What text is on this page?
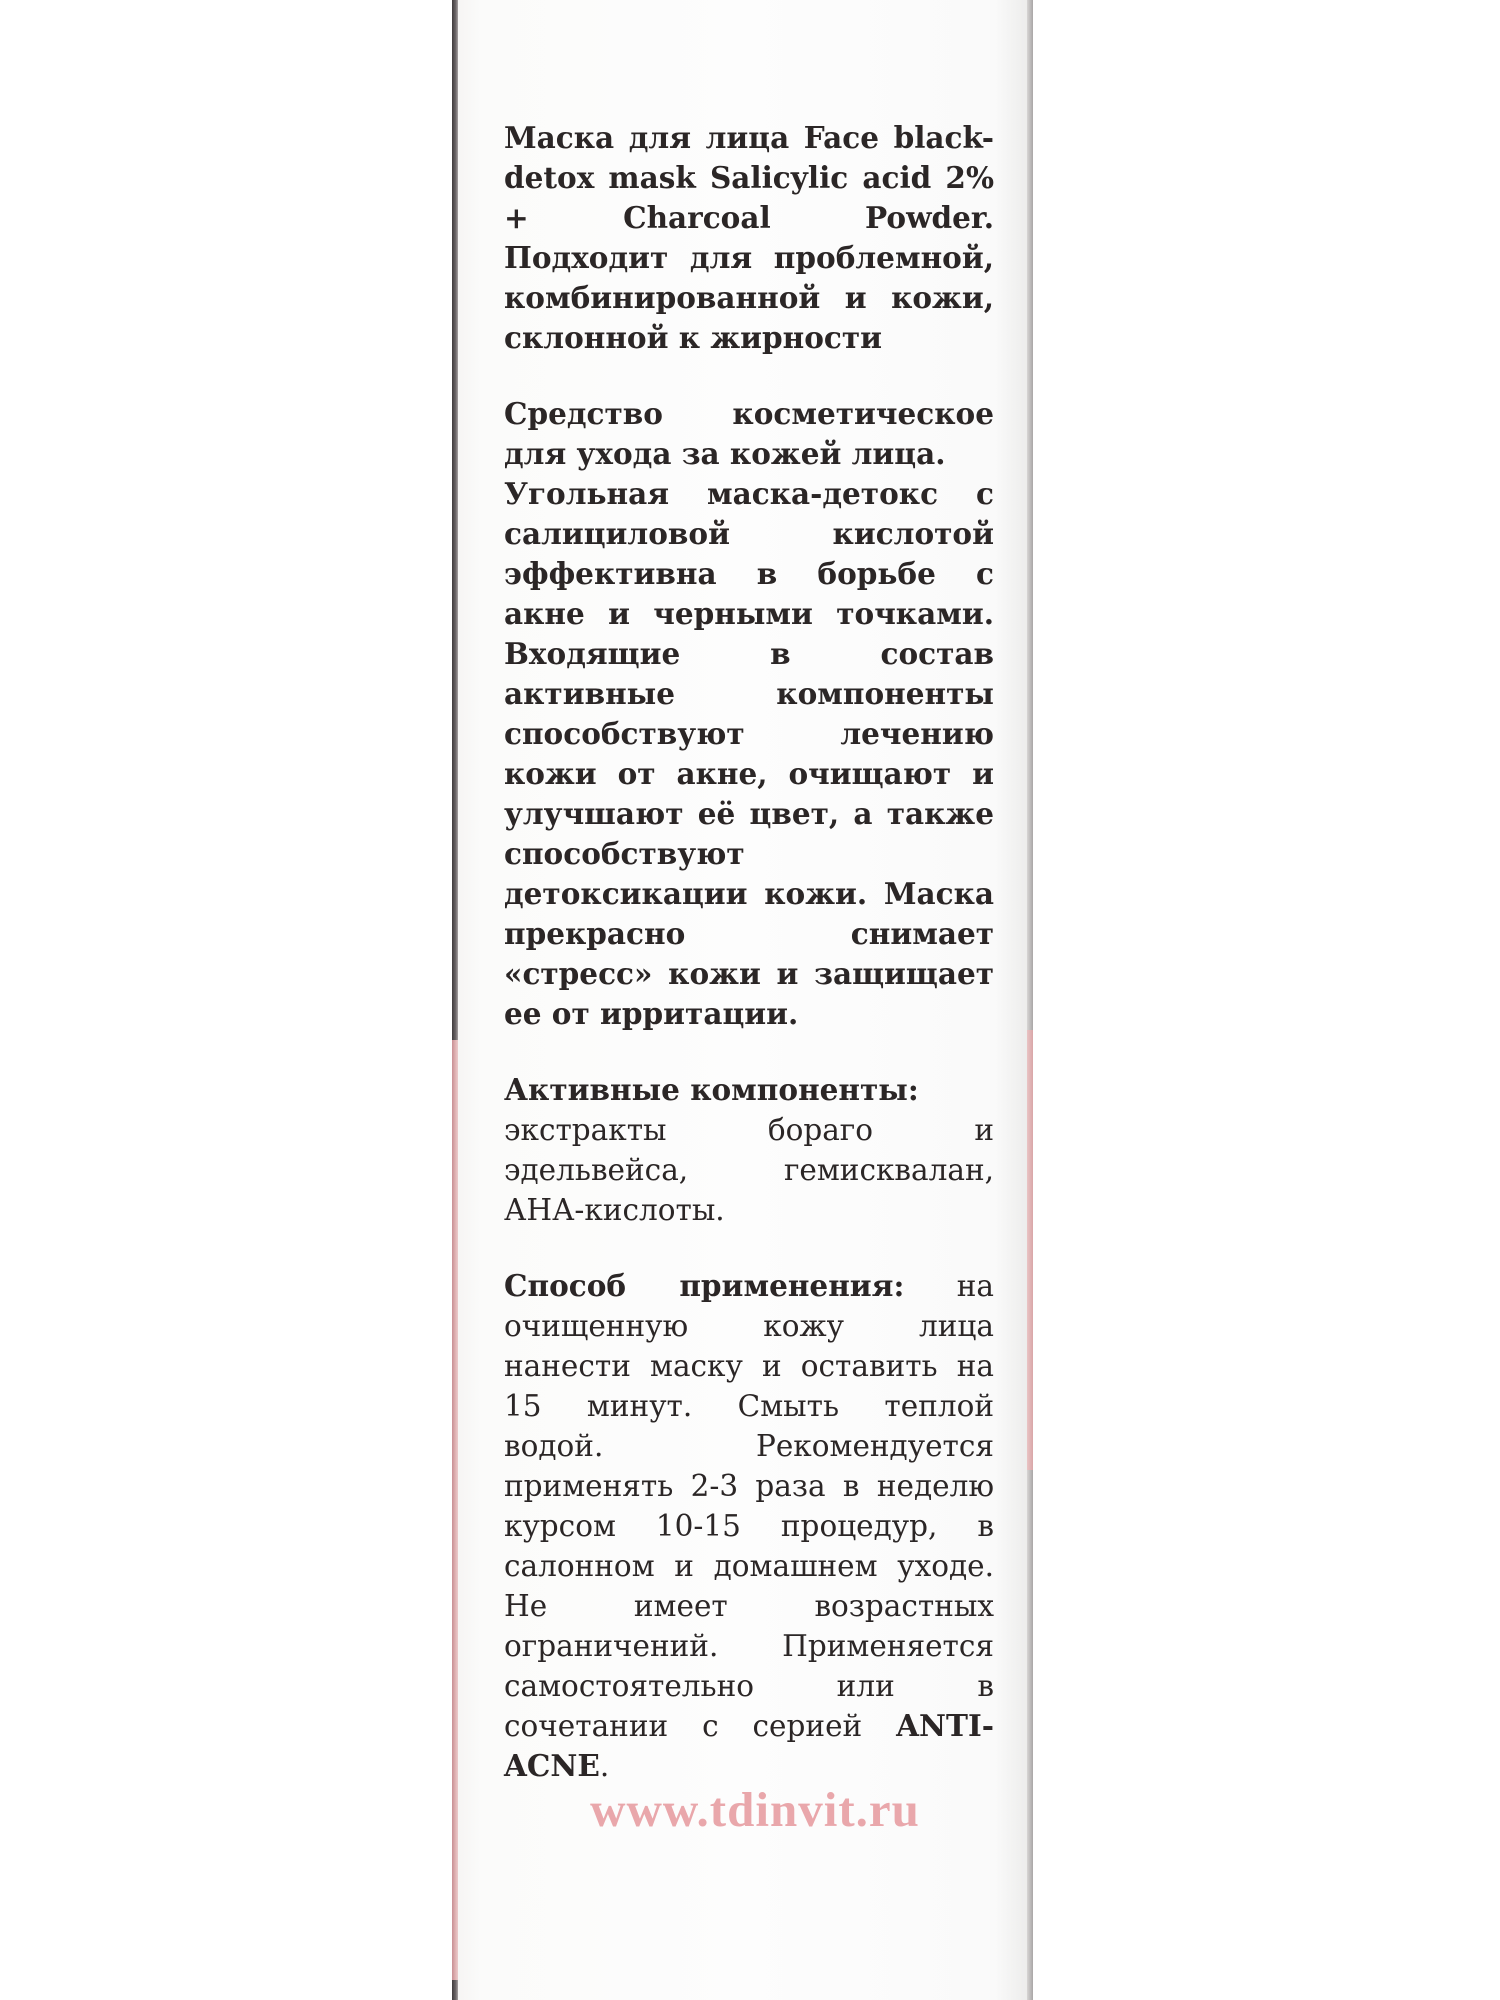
Маска для лица Face black-detox mask Salicylic acid 2% + Charcoal Powder. Подходит для проблемной, комбинированной и кожи, склонной к жирности

Средство косметическое для ухода за кожей лица.
Угольная маска-детокс с салициловой кислотой эффективна в борьбе с акне и черными точками. Входящие в состав активные компоненты способствуют лечению кожи от акне, очищают и улучшают её цвет, а также способствуют детоксикации кожи. Маска прекрасно снимает «стресс» кожи и защищает ее от ирритации.

Активные компоненты:
экстракты бораго и эдельвейса, гемисквалан, АНА-кислоты.

Способ применения: на очищенную кожу лица нанести маску и оставить на 15 минут. Смыть теплой водой. Рекомендуется применять 2-3 раза в неделю курсом 10-15 процедур, в салонном и домашнем уходе. Не имеет возрастных ограничений. Применяется самостоятельно или в сочетании с серией ANTI-ACNE.

www.tdinvit.ru
